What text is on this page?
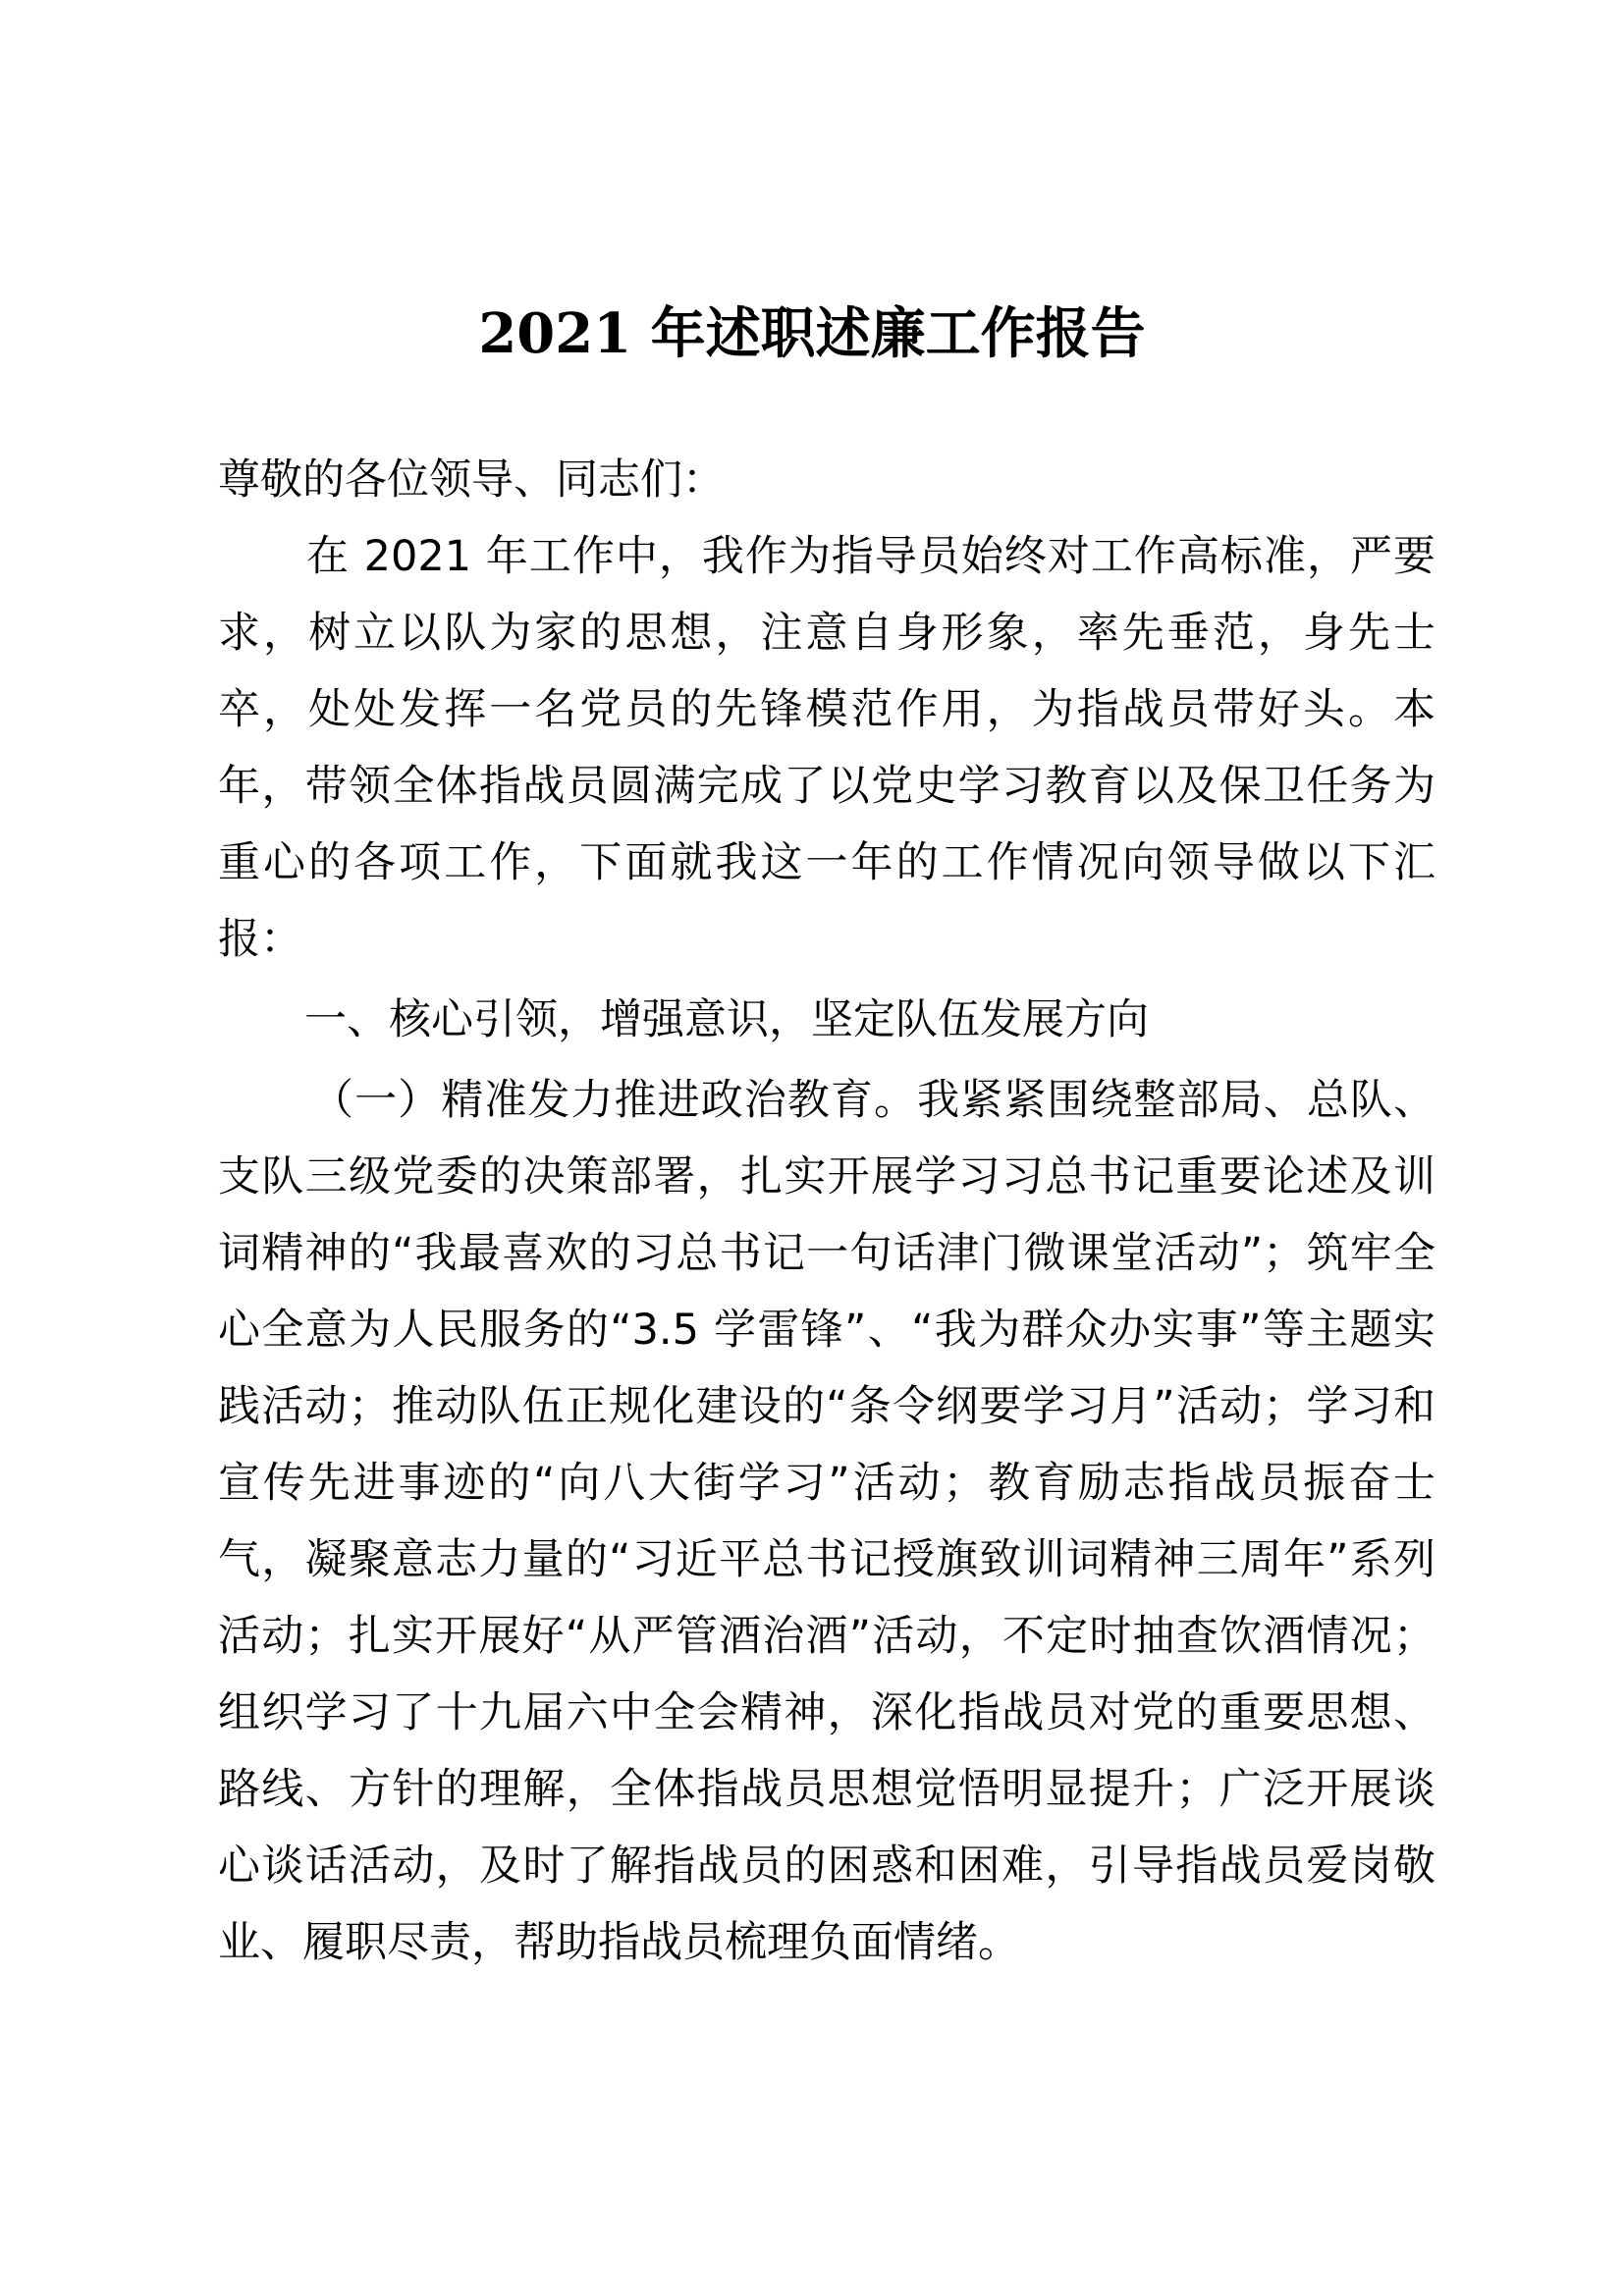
2021 年述职述廉工作报告

尊敬的各位领导、同志们：

在 2021 年工作中，我作为指导员始终对工作高标准，严要求，树立以队为家的思想，注意自身形象，率先垂范，身先士卒，处处发挥一名党员的先锋模范作用，为指战员带好头。本年，带领全体指战员圆满完成了以党史学习教育以及保卫任务为重心的各项工作，下面就我这一年的工作情况向领导做以下汇报：

一、核心引领，增强意识，坚定队伍发展方向

（一）精准发力推进政治教育。我紧紧围绕整部局、总队、支队三级党委的决策部署，扎实开展学习习总书记重要论述及训词精神的“我最喜欢的习总书记一句话津门微课堂活动”；筑牢全心全意为人民服务的“3.5 学雷锋”、“我为群众办实事”等主题实践活动；推动队伍正规化建设的“条令纲要学习月”活动；学习和宣传先进事迹的“向八大街学习”活动；教育励志指战员振奋士气，凝聚意志力量的“习近平总书记授旗致训词精神三周年”系列活动；扎实开展好“从严管酒治酒”活动，不定时抽查饮酒情况；组织学习了十九届六中全会精神，深化指战员对党的重要思想、路线、方针的理解，全体指战员思想觉悟明显提升；广泛开展谈心谈话活动，及时了解指战员的困惑和困难，引导指战员爱岗敬业、履职尽责，帮助指战员梳理负面情绪。
